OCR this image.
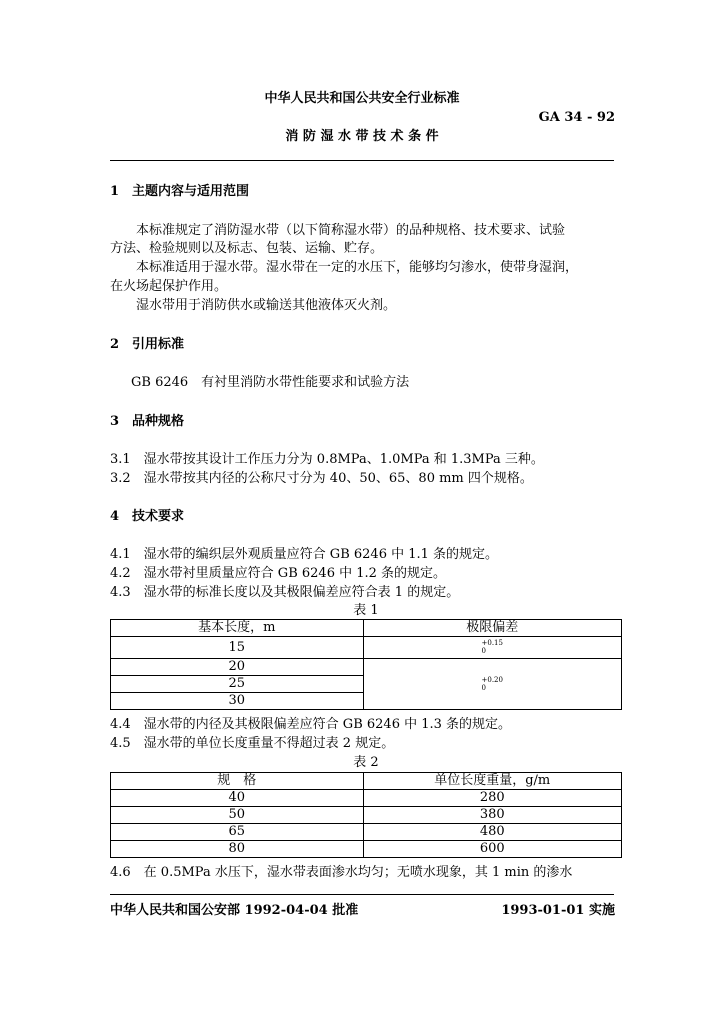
中华人民共和国公共安全行业标准
GA 34 - 92
消 防 湿 水 带 技 术 条 件
1　主题内容与适用范围
本标准规定了消防湿水带（以下简称湿水带）的品种规格、技术要求、试验
方法、检验规则以及标志、包装、运输、贮存。
本标准适用于湿水带。湿水带在一定的水压下，能够均匀渗水，使带身湿润，
在火场起保护作用。
湿水带用于消防供水或输送其他液体灭火剂。
2　引用标准
GB 6246　有衬里消防水带性能要求和试验方法
3　品种规格
3.1　湿水带按其设计工作压力分为 0.8MPa、1.0MPa 和 1.3MPa 三种。
3.2　湿水带按其内径的公称尺寸分为 40、50、65、80 mm 四个规格。
4　技术要求
4.1　湿水带的编织层外观质量应符合 GB 6246 中 1.1 条的规定。
4.2　湿水带衬里质量应符合 GB 6246 中 1.2 条的规定。
4.3　湿水带的标准长度以及其极限偏差应符合表 1 的规定。
表 1
基本长度，m	极限偏差
15	+0.15
0

20	+0.20
0

25	
30	
4.4　湿水带的内径及其极限偏差应符合 GB 6246 中 1.3 条的规定。
4.5　湿水带的单位长度重量不得超过表 2 规定。
表 2
规　格	单位长度重量，g/m
40	280
50	380
65	480
80	600
4.6　在 0.5MPa 水压下，湿水带表面渗水均匀；无喷水现象，其 1 min 的渗水
中华人民共和国公安部 1992-04-04 批准	1993-01-01 实施
